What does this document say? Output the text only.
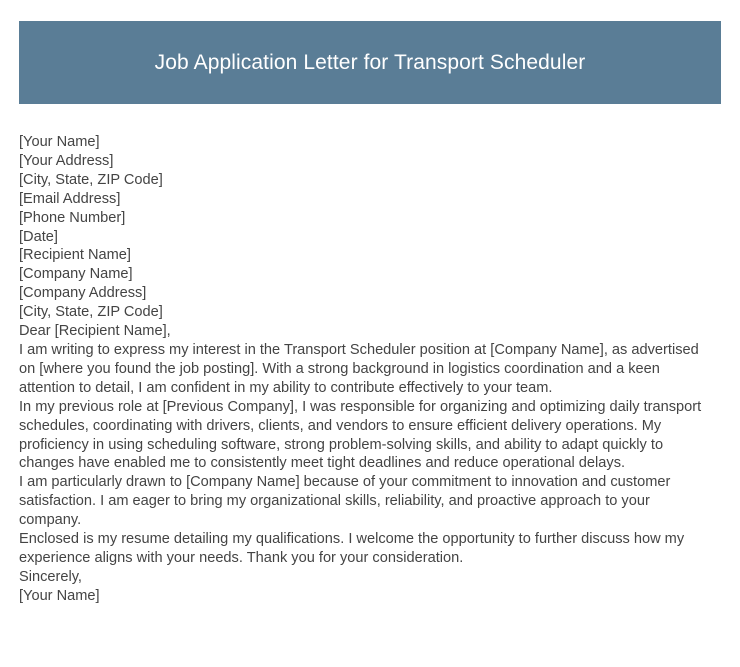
Job Application Letter for Transport Scheduler
[Your Name]
[Your Address]
[City, State, ZIP Code]
[Email Address]
[Phone Number]
[Date]
[Recipient Name]
[Company Name]
[Company Address]
[City, State, ZIP Code]
Dear [Recipient Name],

I am writing to express my interest in the Transport Scheduler position at [Company Name], as advertised on [where you found the job posting]. With a strong background in logistics coordination and a keen attention to detail, I am confident in my ability to contribute effectively to your team.

In my previous role at [Previous Company], I was responsible for organizing and optimizing daily transport schedules, coordinating with drivers, clients, and vendors to ensure efficient delivery operations. My proficiency in using scheduling software, strong problem-solving skills, and ability to adapt quickly to changes have enabled me to consistently meet tight deadlines and reduce operational delays.

I am particularly drawn to [Company Name] because of your commitment to innovation and customer satisfaction. I am eager to bring my organizational skills, reliability, and proactive approach to your company.

Enclosed is my resume detailing my qualifications. I welcome the opportunity to further discuss how my experience aligns with your needs. Thank you for your consideration.

Sincerely,
[Your Name]
